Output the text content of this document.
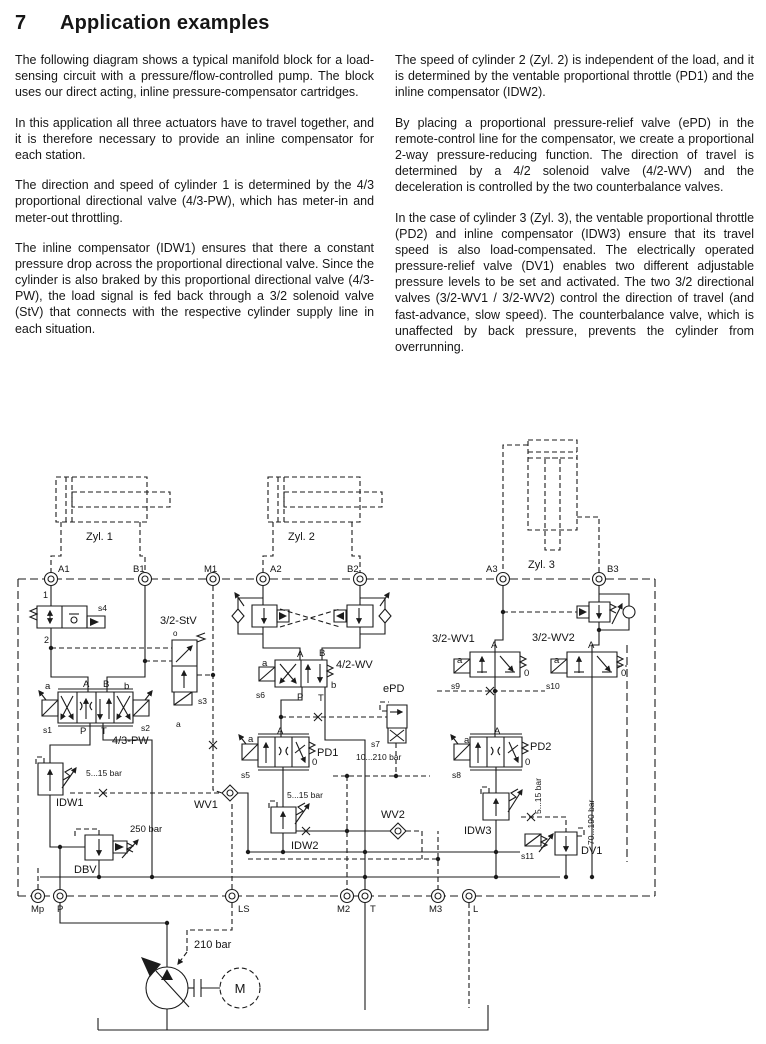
7	Application examples

The following diagram shows a typical manifold block for a load-sensing circuit with a pressure/flow-controlled pump. The block uses our direct acting, inline pressure-compensator cartridges.

In this application all three actuators have to travel together, and it is therefore necessary to provide an inline compensator for each station.

The direction and speed of cylinder 1 is determined by the 4/3 proportional directional valve (4/3-PW), which has meter-in and meter-out throttling.

The inline compensator (IDW1) ensures that there a constant pressure drop across the proportional directional valve. Since the cylinder is also braked by this proportional directional valve (4/3-PW), the load signal is fed back through a 3/2 solenoid valve (StV) that connects with the respective cylinder supply line in each situation.

The speed of cylinder 2 (Zyl. 2) is independent of the load, and it is determined by the ventable proportional throttle (PD1) and the inline compensator (IDW2).

By placing a proportional pressure-relief valve (ePD) in the remote-control line for the compensator, we create a proportional 2-way pressure-reducing function. The direction of travel is determined by a 4/2 solenoid valve (4/2-WV) and the deceleration is controlled by the two counterbalance valves.

In the case of cylinder 3 (Zyl. 3), the ventable proportional throttle (PD2) and inline compensator (IDW3) ensure that its travel speed is also load-compensated. The electrically operated pressure-relief valve (DV1) enables two different adjustable pressure levels to be set and activated. The two 3/2 directional valves (3/2-WV1 / 3/2-WV2) control the direction of travel (and fast-advance, slow speed). The counterbalance valve, which is unaffected by back pressure, prevents the cylinder from overrunning.

Zyl. 1	Zyl. 2
Zyl. 3
A1	B1	M1	A2	B2	A3	B3
Mp P	LS	M2 T	M3	L
1
2
s4
3/2-StV
o
s3
a
a	A B b
s1	P T	s2
4/3-PW
5...15 bar
IDW1
250 bar
DBV
WV1
a
A B
4/2-WV
b
s6	P T
ePD
s7
10...210 bar
a
A
PD1
0
s5
5...15 bar
IDW2
WV2
3/2-WV1
a
A
0
s9
3/2-WV2
a
A
0
s10
a
A
PD2
0
s8
IDW3
5...15 bar
DV1
s11
70...190 bar
210 bar
M
